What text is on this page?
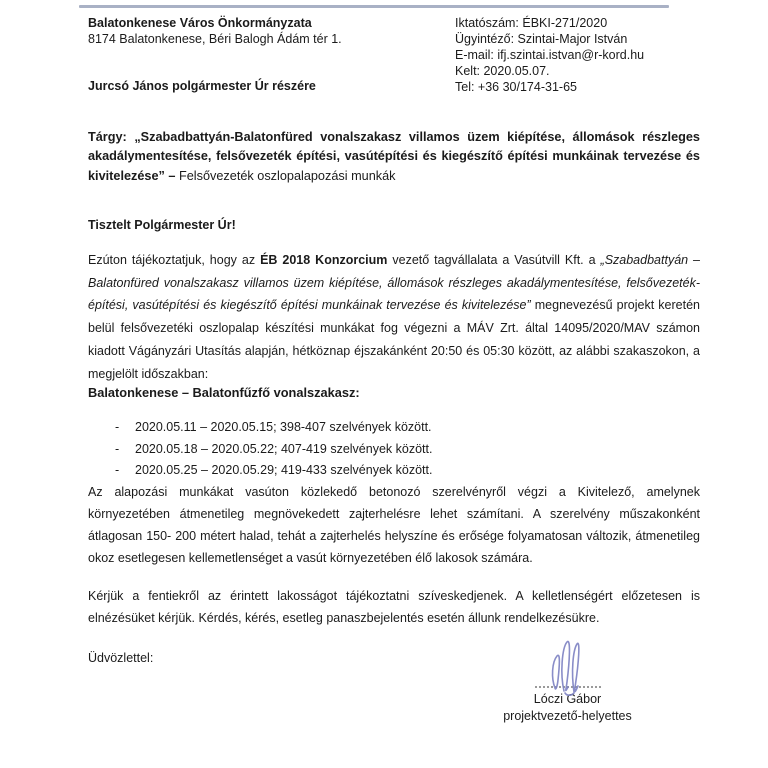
Balatonkenese Város Önkormányzata
8174 Balatonkenese, Béri Balogh Ádám tér 1.
Jurcsó János polgármester Úr részére
Iktatószám: ÉBKI-271/2020
Ügyintéző: Szintai-Major István
E-mail: ifj.szintai.istvan@r-kord.hu
Kelt: 2020.05.07.
Tel: +36 30/174-31-65
Tárgy: „Szabadbattyán-Balatonfüred vonalszakasz villamos üzem kiépítése, állomások részleges akadálymentesítése, felsővezeték építési, vasútépítési és kiegészítő építési munkáinak tervezése és kivitelezése” – Felsővezeték oszlopalapozási munkák
Tisztelt Polgármester Úr!

Ezúton tájékoztatjuk, hogy az ÉB 2018 Konzorcium vezető tagvállalata a Vasútvill Kft. a „Szabadbattyán – Balatonfüred vonalszakasz villamos üzem kiépítése, állomások részleges akadálymentesítése, felsővezeték-építési, vasútépítési és kiegészítő építési munkáinak tervezése és kivitelezése” megnevezésű projekt keretén belül felsővezetéki oszlopalap készítési munkákat fog végezni a MÁV Zrt. által 14095/2020/MAV számon kiadott Vágányzári Utasítás alapján, hétköznap éjszakánként 20:50 és 05:30 között, az alábbi szakaszokon, a megjelölt időszakban:

Balatonkenese – Balatonfűzfő vonalszakasz:
-	2020.05.11 – 2020.05.15; 398-407 szelvények között.
-	2020.05.18 – 2020.05.22; 407-419 szelvények között.
-	2020.05.25 – 2020.05.29; 419-433 szelvények között.

Az alapozási munkákat vasúton közlekedő betonozó szerelvényről végzi a Kivitelező, amelynek környezetében átmenetileg megnövekedett zajterhelésre lehet számítani. A szerelvény műszakonként átlagosan 150- 200 métert halad, tehát a zajterhelés helyszíne és erősége folyamatosan változik, átmenetileg okoz esetlegesen kellemetlenséget a vasút környezetében élő lakosok számára.

Kérjük a fentiekről az érintett lakosságot tájékoztatni szíveskedjenek. A kelletlenségért előzetesen is elnézésüket kérjük. Kérdés, kérés, esetleg panaszbejelentés esetén állunk rendelkezésükre.

Üdvözlettel:
Lóczi Gábor
projektvezető-helyettes
